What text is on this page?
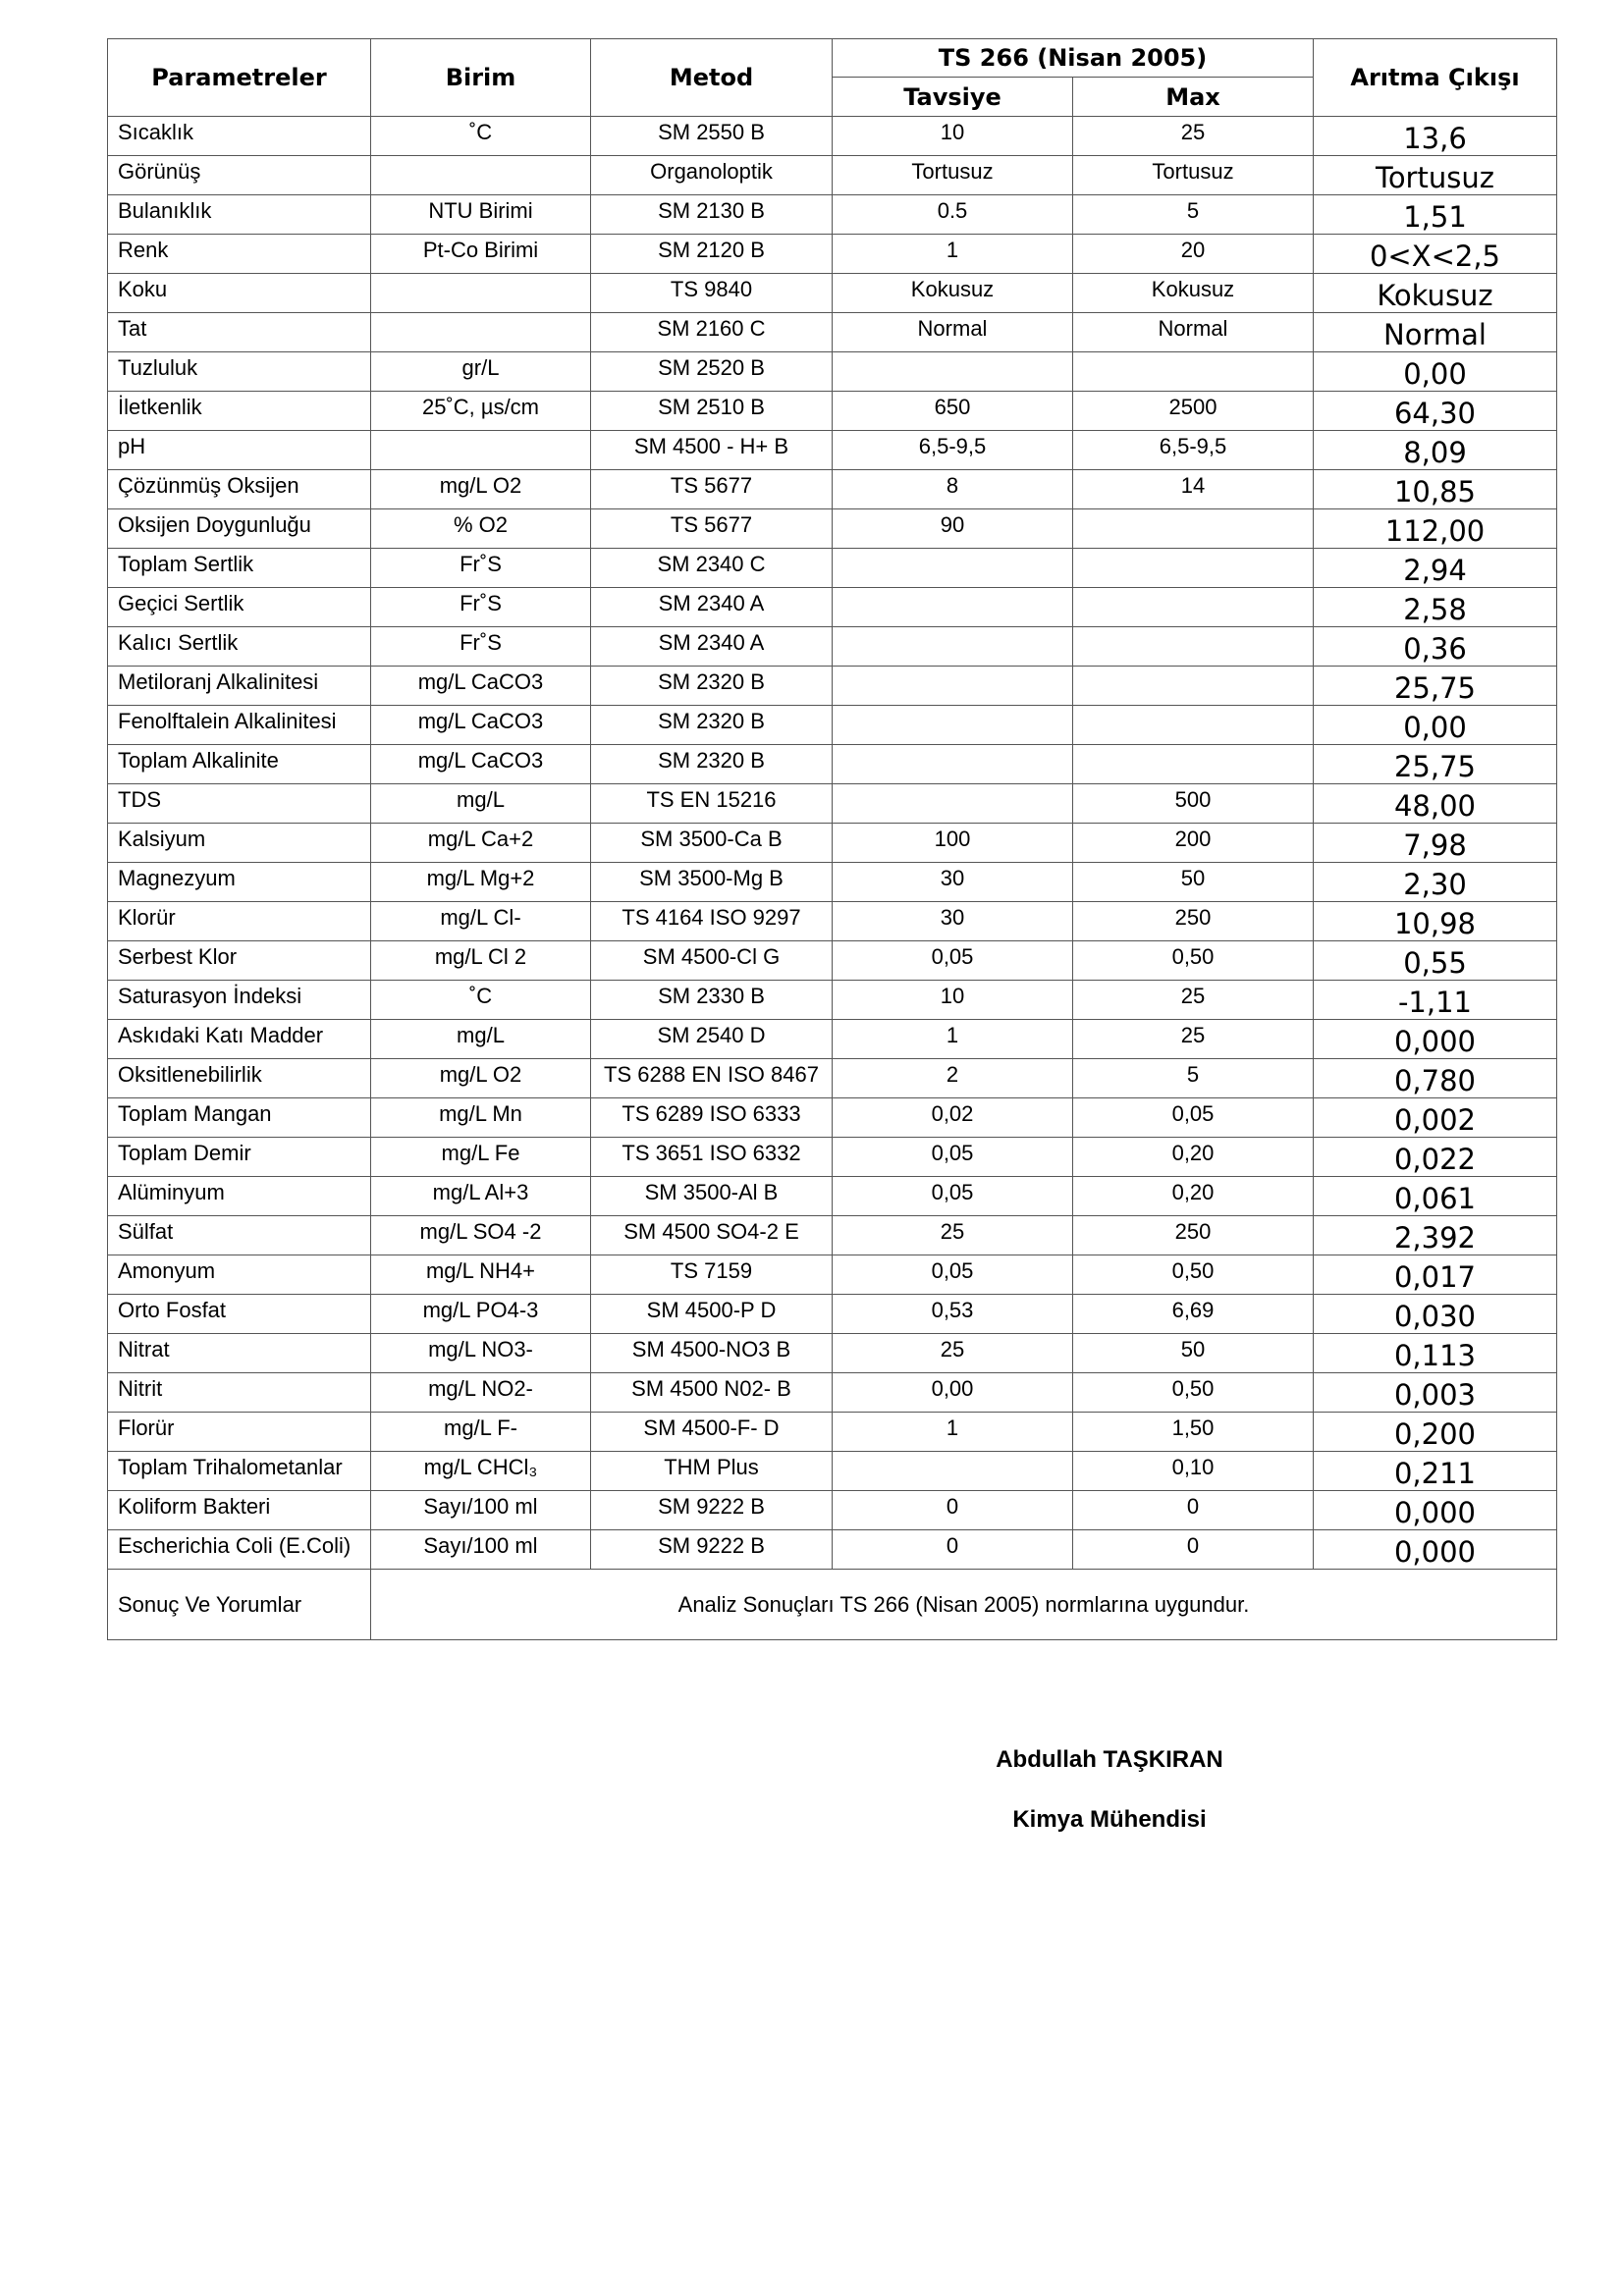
Parametreler	Birim	Metod	TS 266 (Nisan 2005)		Arıtma Çıkışı
			Tavsiye	Max	
Sıcaklık	˚C	SM 2550 B	10	25	13,6
Görünüş		Organoloptik	Tortusuz	Tortusuz	Tortusuz
Bulanıklık	NTU Birimi	SM 2130 B	0.5	5	1,51
Renk	Pt-Co Birimi	SM 2120 B	1	20	0<X<2,5
Koku		TS 9840	Kokusuz	Kokusuz	Kokusuz
Tat		SM 2160 C	Normal	Normal	Normal
Tuzluluk	gr/L	SM 2520 B			0,00
İletkenlik	25˚C, µs/cm	SM 2510 B	650	2500	64,30
pH		SM 4500 - H+ B	6,5-9,5	6,5-9,5	8,09
Çözünmüş Oksijen	mg/L O2	TS 5677	8	14	10,85
Oksijen Doygunluğu	% O2	TS 5677	90		112,00
Toplam Sertlik	Fr˚S	SM 2340 C			2,94
Geçici Sertlik	Fr˚S	SM 2340 A			2,58
Kalıcı Sertlik	Fr˚S	SM 2340 A			0,36
Metiloranj Alkalinitesi	mg/L CaCO3	SM 2320 B			25,75
Fenolftalein Alkalinitesi	mg/L CaCO3	SM 2320 B			0,00
Toplam Alkalinite	mg/L CaCO3	SM 2320 B			25,75
TDS	mg/L	TS EN 15216		500	48,00
Kalsiyum	mg/L Ca+2	SM 3500-Ca B	100	200	7,98
Magnezyum	mg/L Mg+2	SM 3500-Mg B	30	50	2,30
Klorür	mg/L Cl-	TS 4164 ISO 9297	30	250	10,98
Serbest Klor	mg/L Cl 2	SM 4500-Cl G	0,05	0,50	0,55
Saturasyon İndeksi	˚C	SM 2330 B	10	25	-1,11
Askıdaki Katı Madder	mg/L	SM 2540 D	1	25	0,000
Oksitlenebilirlik	mg/L O2	TS 6288 EN ISO 8467	2	5	0,780
Toplam Mangan	mg/L Mn	TS 6289 ISO 6333	0,02	0,05	0,002
Toplam Demir	mg/L Fe	TS 3651 ISO 6332	0,05	0,20	0,022
Alüminyum	mg/L Al+3	SM 3500-Al B	0,05	0,20	0,061
Sülfat	mg/L SO4 -2	SM 4500 SO4-2 E	25	250	2,392
Amonyum	mg/L NH4+	TS 7159	0,05	0,50	0,017
Orto Fosfat	mg/L PO4-3	SM 4500-P D	0,53	6,69	0,030
Nitrat	mg/L NO3-	SM 4500-NO3 B	25	50	0,113
Nitrit	mg/L NO2-	SM 4500 N02- B	0,00	0,50	0,003
Florür	mg/L F-	SM 4500-F- D	1	1,50	0,200
Toplam Trihalometanlar	mg/L CHCl₃	THM Plus		0,10	0,211
Koliform Bakteri	Sayı/100 ml	SM 9222 B	0	0	0,000
Escherichia Coli (E.Coli)	Sayı/100 ml	SM 9222 B	0	0	0,000
Sonuç Ve Yorumlar	Analiz Sonuçları TS 266 (Nisan 2005) normlarına uygundur.				
Abdullah TAŞKIRAN
Kimya Mühendisi
